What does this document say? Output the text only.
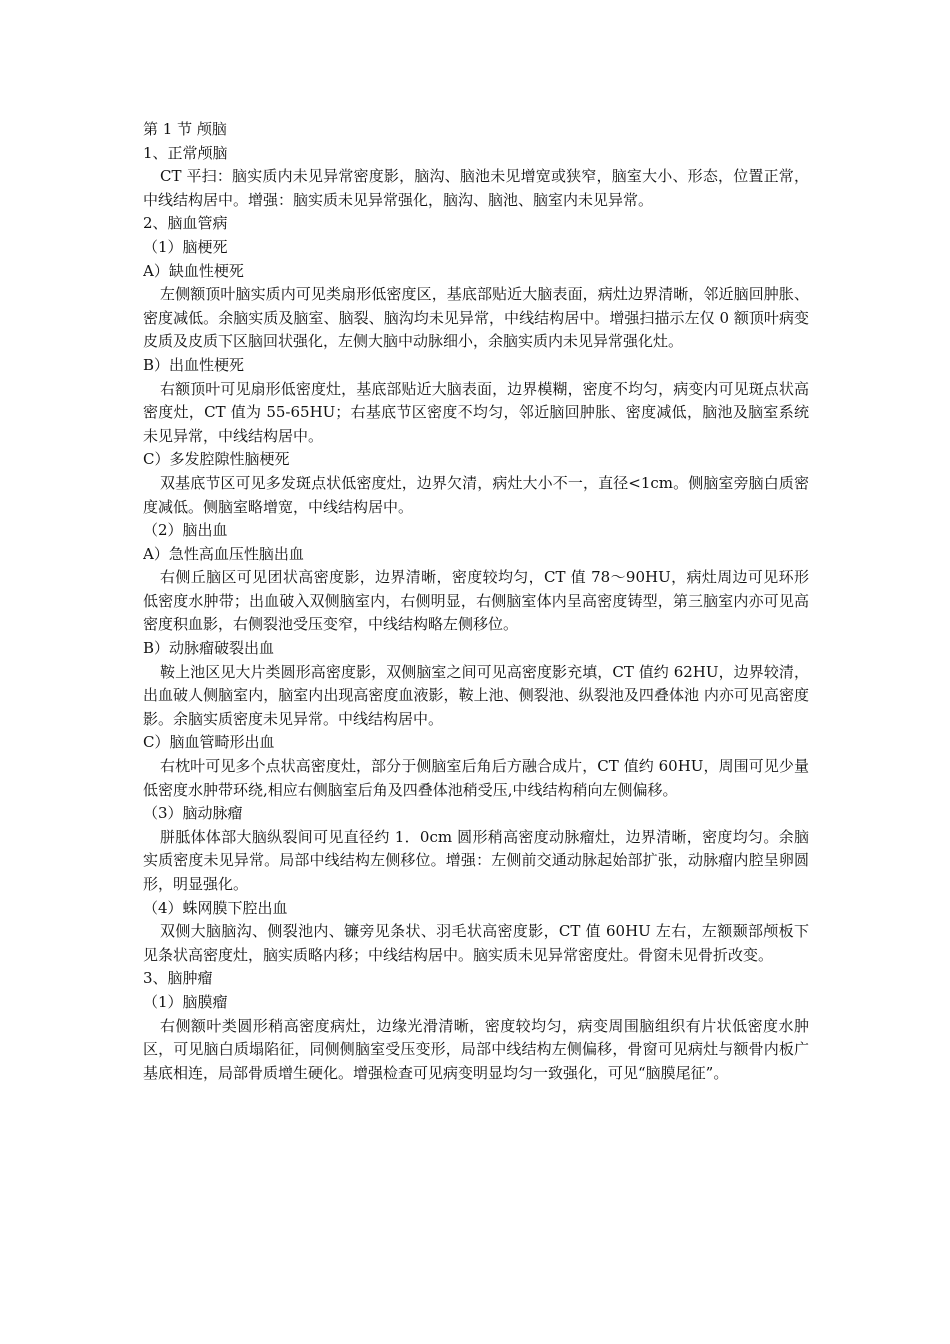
第 1 节 颅脑
1、正常颅脑
CT 平扫：脑实质内未见异常密度影，脑沟、脑池未见增宽或狭窄，脑室大小、形态，位置正常，中线结构居中。增强：脑实质未见异常强化，脑沟、脑池、脑室内未见异常。
2、脑血管病
（1）脑梗死
A）缺血性梗死
左侧额顶叶脑实质内可见类扇形低密度区，基底部贴近大脑表面，病灶边界清晰，邻近脑回肿胀、密度减低。余脑实质及脑室、脑裂、脑沟均未见异常，中线结构居中。增强扫描示左仅 0 额顶叶病变皮质及皮质下区脑回状强化，左侧大脑中动脉细小，余脑实质内未见异常强化灶。
B）出血性梗死
右额顶叶可见扇形低密度灶，基底部贴近大脑表面，边界模糊，密度不均匀，病变内可见斑点状高密度灶，CT 值为 55-65HU；右基底节区密度不均匀，邻近脑回肿胀、密度减低，脑池及脑室系统未见异常，中线结构居中。
C）多发腔隙性脑梗死
双基底节区可见多发斑点状低密度灶，边界欠清，病灶大小不一，直径<1cm。侧脑室旁脑白质密度减低。侧脑室略增宽，中线结构居中。
（2）脑出血
A）急性高血压性脑出血
右侧丘脑区可见团状高密度影，边界清晰，密度较均匀，CT 值 78～90HU，病灶周边可见环形低密度水肿带；出血破入双侧脑室内，右侧明显，右侧脑室体内呈高密度铸型，第三脑室内亦可见高密度积血影，右侧裂池受压变窄，中线结构略左侧移位。
B）动脉瘤破裂出血
鞍上池区见大片类圆形高密度影，双侧脑室之间可见高密度影充填，CT 值约 62HU，边界较清，出血破人侧脑室内，脑室内出现高密度血液影，鞍上池、侧裂池、纵裂池及四叠体池 内亦可见高密度影。余脑实质密度未见异常。中线结构居中。
C）脑血管畸形出血
右枕叶可见多个点状高密度灶，部分于侧脑室后角后方融合成片，CT 值约 60HU，周围可见少量低密度水肿带环绕,相应右侧脑室后角及四叠体池稍受压,中线结构稍向左侧偏移。
（3）脑动脉瘤
胼胝体体部大脑纵裂间可见直径约 1．0cm 圆形稍高密度动脉瘤灶，边界清晰，密度均匀。余脑实质密度未见异常。局部中线结构左侧移位。增强：左侧前交通动脉起始部扩张，动脉瘤内腔呈卵圆形，明显强化。
（4）蛛网膜下腔出血
双侧大脑脑沟、侧裂池内、镰旁见条状、羽毛状高密度影，CT 值 60HU 左右，左额颞部颅板下见条状高密度灶，脑实质略内移；中线结构居中。脑实质未见异常密度灶。骨窗未见骨折改变。
3、脑肿瘤
（1）脑膜瘤
右侧额叶类圆形稍高密度病灶，边缘光滑清晰，密度较均匀，病变周围脑组织有片状低密度水肿区，可见脑白质塌陷征，同侧侧脑室受压变形，局部中线结构左侧偏移，骨窗可见病灶与额骨内板广基底相连，局部骨质增生硬化。增强检查可见病变明显均匀一致强化，可见“脑膜尾征”。
